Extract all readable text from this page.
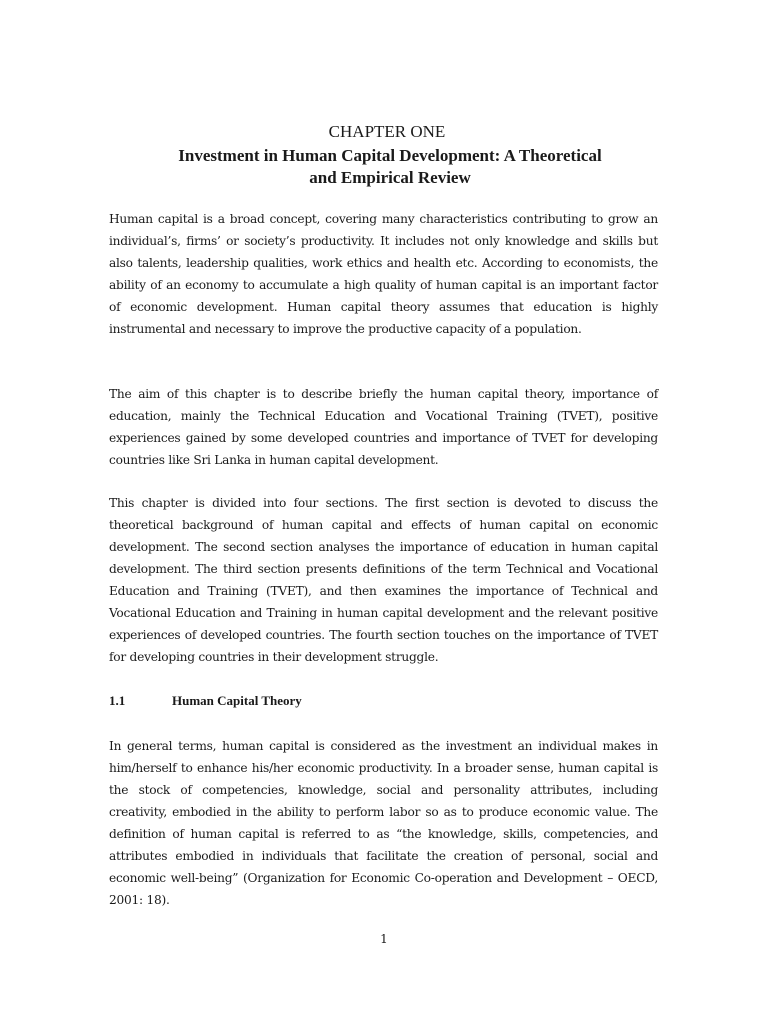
CHAPTER ONE
Investment in Human Capital Development: A Theoretical
and Empirical Review

Human capital is a broad concept, covering many characteristics contributing to grow an individual’s, firms’ or society’s productivity. It includes not only knowledge and skills but also talents, leadership qualities, work ethics and health etc. According to economists, the ability of an economy to accumulate a high quality of human capital is an important factor of economic development. Human capital theory assumes that education is highly instrumental and necessary to improve the productive capacity of a population.

The aim of this chapter is to describe briefly the human capital theory, importance of education, mainly the Technical Education and Vocational Training (TVET), positive experiences gained by some developed countries and importance of TVET for developing countries like Sri Lanka in human capital development.

This chapter is divided into four sections. The first section is devoted to discuss the theoretical background of human capital and effects of human capital on economic development. The second section analyses the importance of education in human capital development. The third section presents definitions of the term Technical and Vocational Education and Training (TVET), and then examines the importance of Technical and Vocational Education and Training in human capital development and the relevant positive experiences of developed countries. The fourth section touches on the importance of TVET for developing countries in their development struggle.

1.1	Human Capital Theory

In general terms, human capital is considered as the investment an individual makes in him/herself to enhance his/her economic productivity. In a broader sense, human capital is the stock of competencies, knowledge, social and personality attributes, including creativity, embodied in the ability to perform labor so as to produce economic value. The definition of human capital is referred to as “the knowledge, skills, competencies, and attributes embodied in individuals that facilitate the creation of personal, social and economic well-being” (Organization for Economic Co-operation and Development – OECD, 2001: 18).

1
